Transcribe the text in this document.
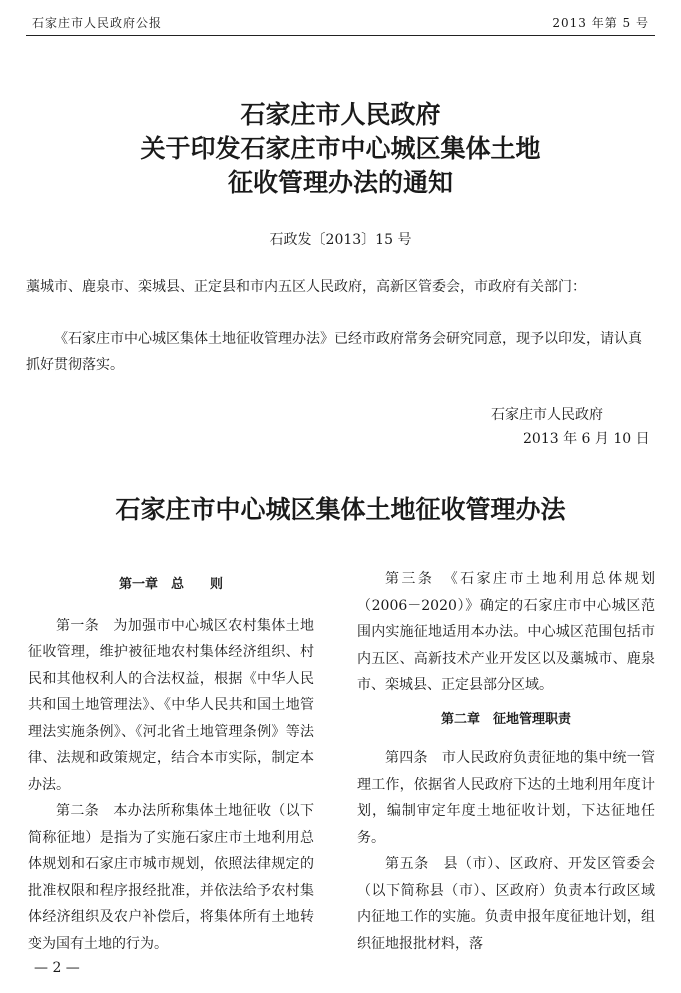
石家庄市人民政府公报	2013 年第 5 号
石家庄市人民政府
关于印发石家庄市中心城区集体土地
征收管理办法的通知
石政发〔2013〕15 号
藁城市、鹿泉市、栾城县、正定县和市内五区人民政府，高新区管委会，市政府有关部门：
《石家庄市中心城区集体土地征收管理办法》已经市政府常务会研究同意，现予以印发，请认真抓好贯彻落实。
石家庄市人民政府
2013 年 6 月 10 日
石家庄市中心城区集体土地征收管理办法
第一章　总　　则

第一条　为加强市中心城区农村集体土地征收管理，维护被征地农村集体经济组织、村民和其他权利人的合法权益，根据《中华人民共和国土地管理法》、《中华人民共和国土地管理法实施条例》、《河北省土地管理条例》等法律、法规和政策规定，结合本市实际，制定本办法。

第二条　本办法所称集体土地征收（以下简称征地）是指为了实施石家庄市土地利用总体规划和石家庄市城市规划，依照法律规定的批准权限和程序报经批准，并依法给予农村集体经济组织及农户补偿后，将集体所有土地转变为国有土地的行为。

第三条　《石家庄市土地利用总体规划（2006－2020）》确定的石家庄市中心城区范围内实施征地适用本办法。中心城区范围包括市内五区、高新技术产业开发区以及藁城市、鹿泉市、栾城县、正定县部分区域。

第二章　征地管理职责

第四条　市人民政府负责征地的集中统一管理工作，依据省人民政府下达的土地利用年度计划，编制审定年度土地征收计划，下达征地任务。

第五条　县（市）、区政府、开发区管委会（以下简称县（市）、区政府）负责本行政区域内征地工作的实施。负责申报年度征地计划，组织征地报批材料，落

— 2 —
